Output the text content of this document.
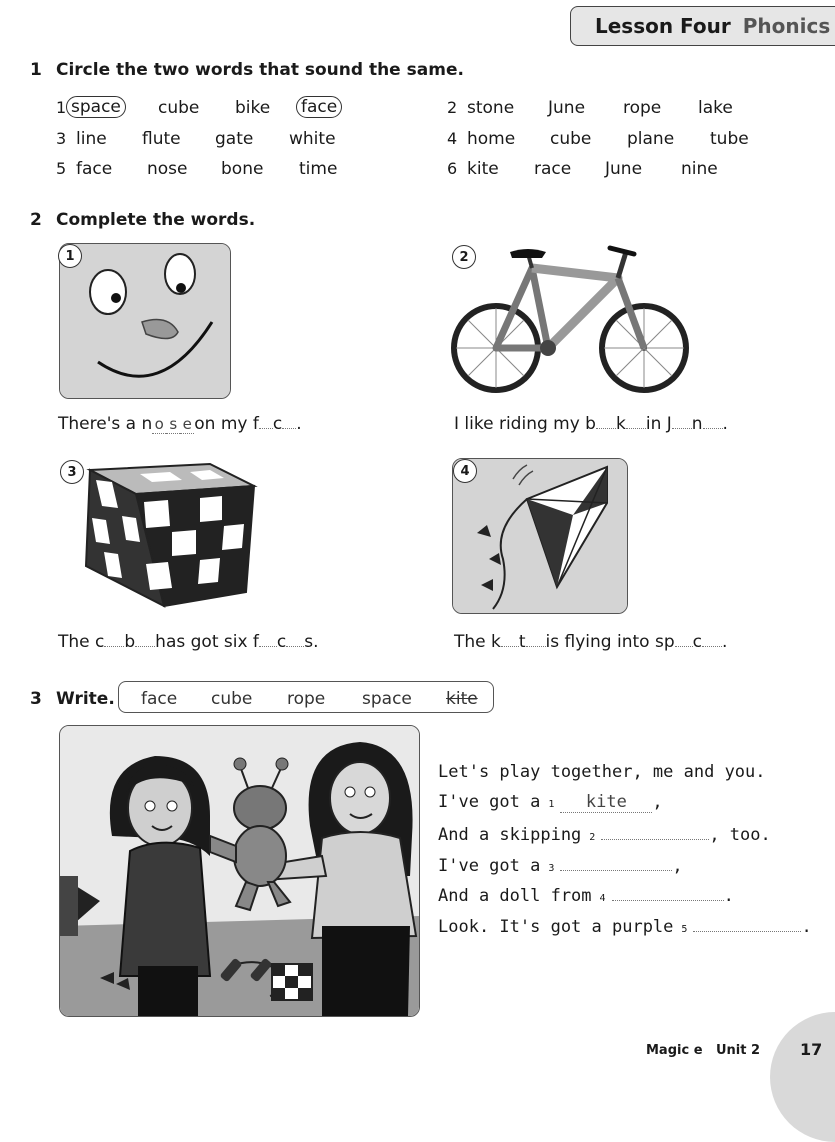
Lesson Four Phonics
1 Circle the two words that sound the same.
1 space cube bike face
3 line flute gate white
5 face nose bone time
2 stone June rope lake
4 home cube plane tube
6 kite race June nine
2 Complete the words.
1	2
There's a n o s e on my f c .	I like riding my b k in J n .
3	4
The c b has got six f c s.	The k t is flying into sp c .
3 Write. face cube rope space kite
Let's play together, me and you.
I've got a 1	kite	,
And a skipping 2	, too.
I've got a 3	,
And a doll from 4	.
Look. It's got a purple 5	.
Magic e Unit 2 17
